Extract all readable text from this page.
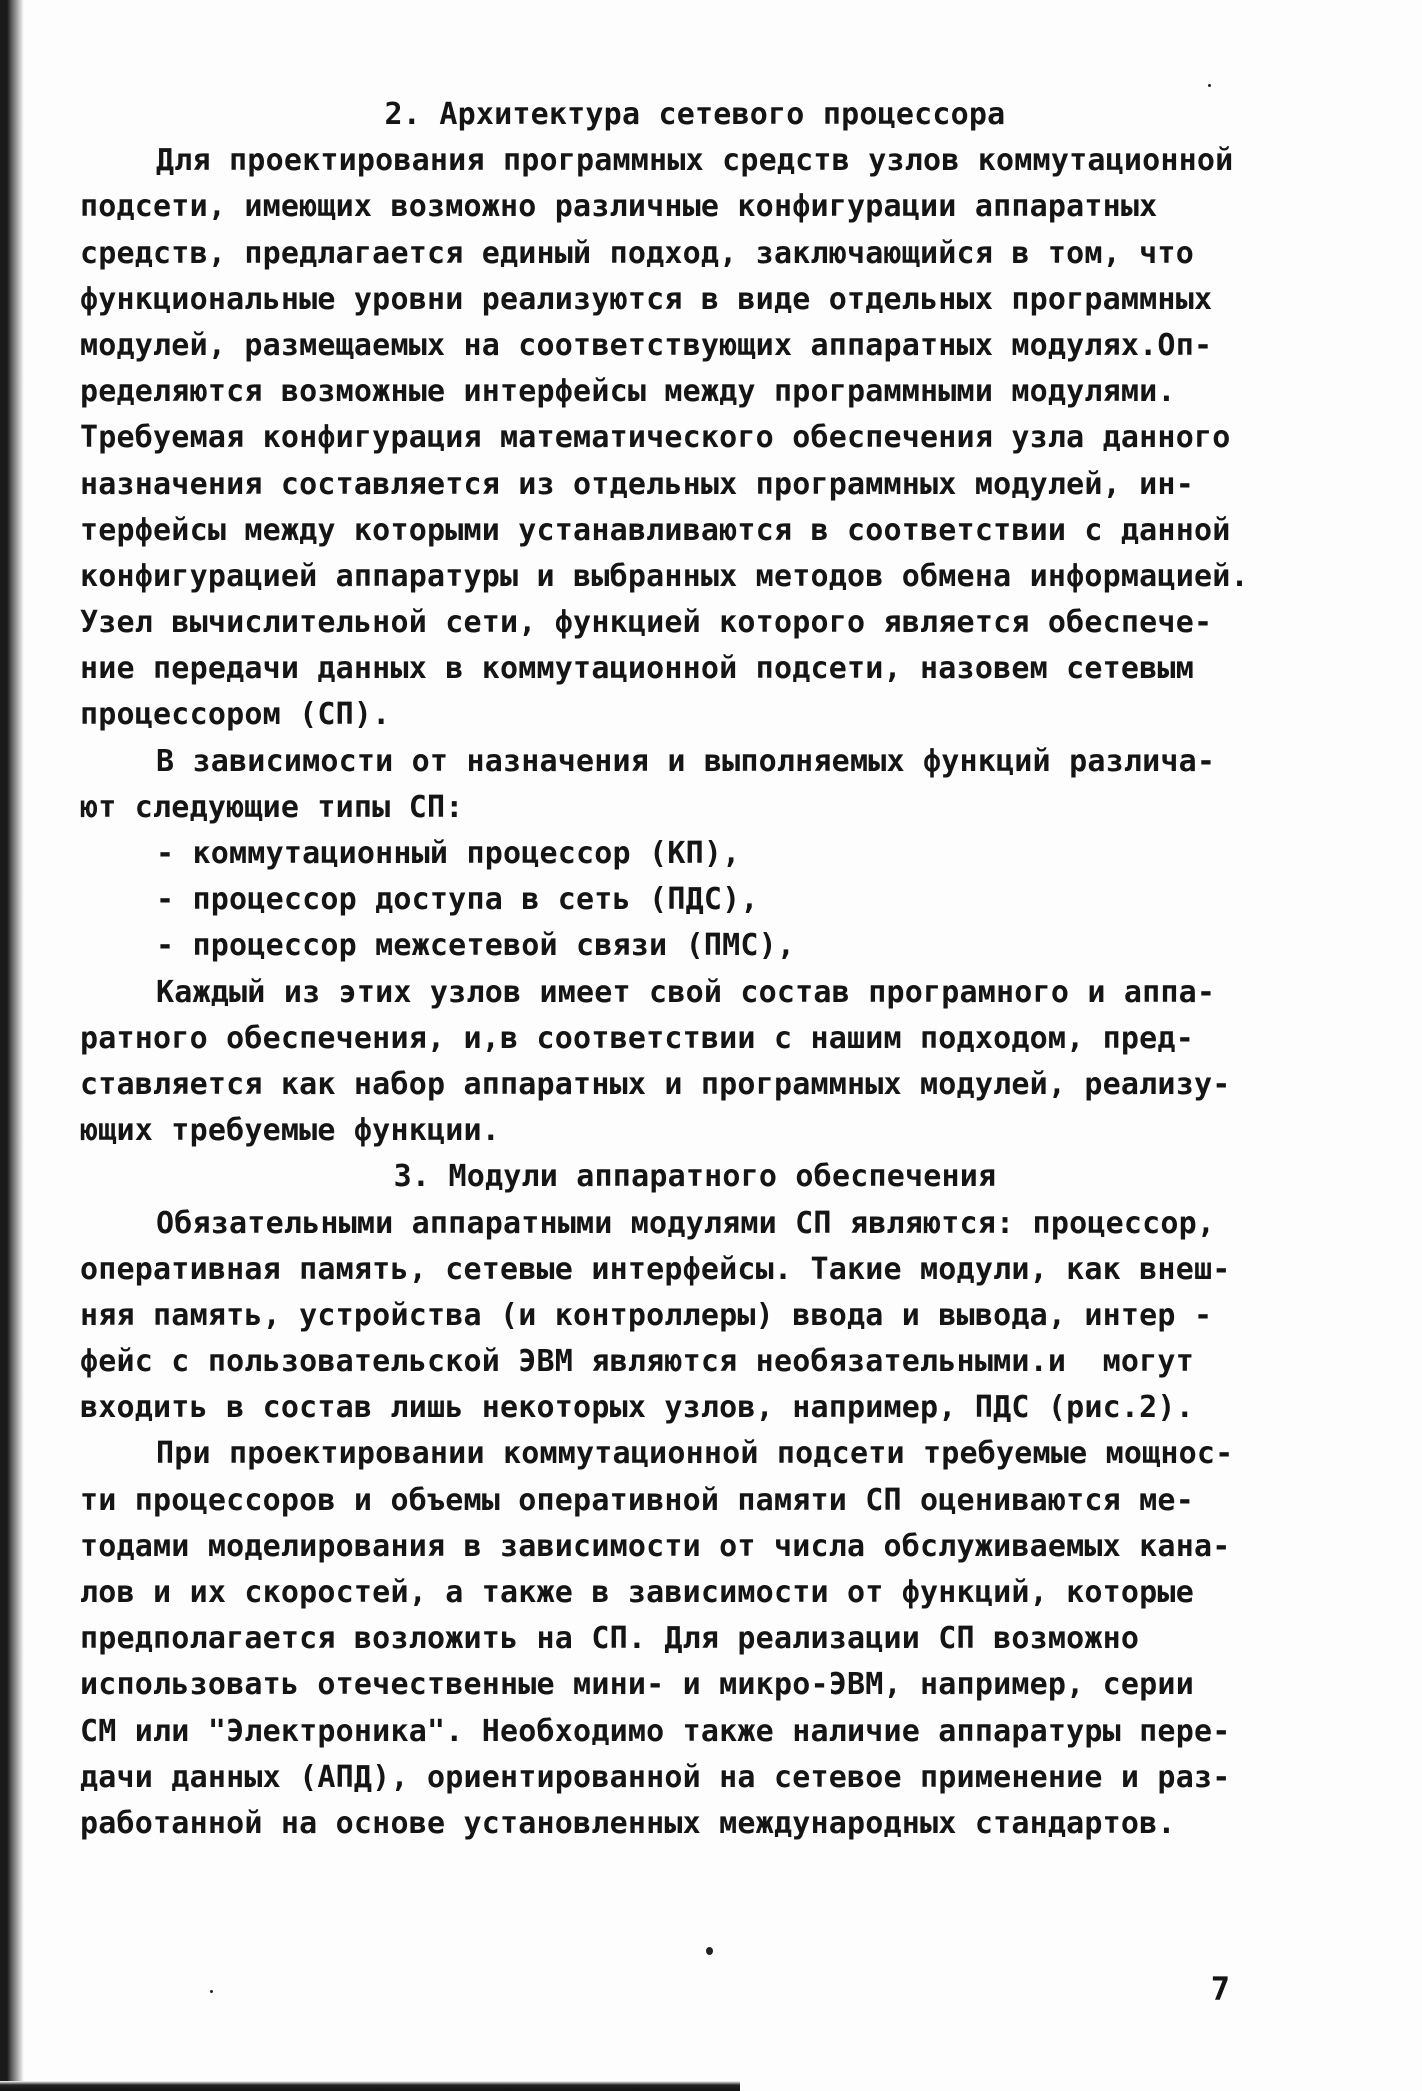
2. Архитектура сетевого процессора
Для проектирования программных средств узлов коммутационной
подсети, имеющих возможно различные конфигурации аппаратных
средств, предлагается единый подход, заключающийся в том, что
функциональные уровни реализуются в виде отдельных программных
модулей, размещаемых на соответствующих аппаратных модулях.Оп-
ределяются возможные интерфейсы между программными модулями.
Требуемая конфигурация математического обеспечения узла данного
назначения составляется из отдельных программных модулей, ин-
терфейсы между которыми устанавливаются в соответствии с данной
конфигурацией аппаратуры и выбранных методов обмена информацией.
Узел вычислительной сети, функцией которого является обеспече-
ние передачи данных в коммутационной подсети, назовем сетевым
процессором (СП).
В зависимости от назначения и выполняемых функций различа-
ют следующие типы СП:
- коммутационный процессор (КП),
- процессор доступа в сеть (ПДС),
- процессор межсетевой связи (ПМС),
Каждый из этих узлов имеет свой состав програмного и аппа-
ратного обеспечения, и,в соответствии с нашим подходом, пред-
ставляется как набор аппаратных и программных модулей, реализу-
ющих требуемые функции.
3. Модули аппаратного обеспечения
Обязательными аппаратными модулями СП являются: процессор,
оперативная память, сетевые интерфейсы. Такие модули, как внеш-
няя память, устройства (и контроллеры) ввода и вывода, интер -
фейс с пользовательской ЭВМ являются необязательными.и  могут
входить в состав лишь некоторых узлов, например, ПДС (рис.2).
При проектировании коммутационной подсети требуемые мощнос-
ти процессоров и объемы оперативной памяти СП оцениваются ме-
тодами моделирования в зависимости от числа обслуживаемых кана-
лов и их скоростей, а также в зависимости от функций, которые
предполагается возложить на СП. Для реализации СП возможно
использовать отечественные мини- и микро-ЭВМ, например, серии
СМ или "Электроника". Необходимо также наличие аппаратуры пере-
дачи данных (АПД), ориентированной на сетевое применение и раз-
работанной на основе установленных международных стандартов.
7
